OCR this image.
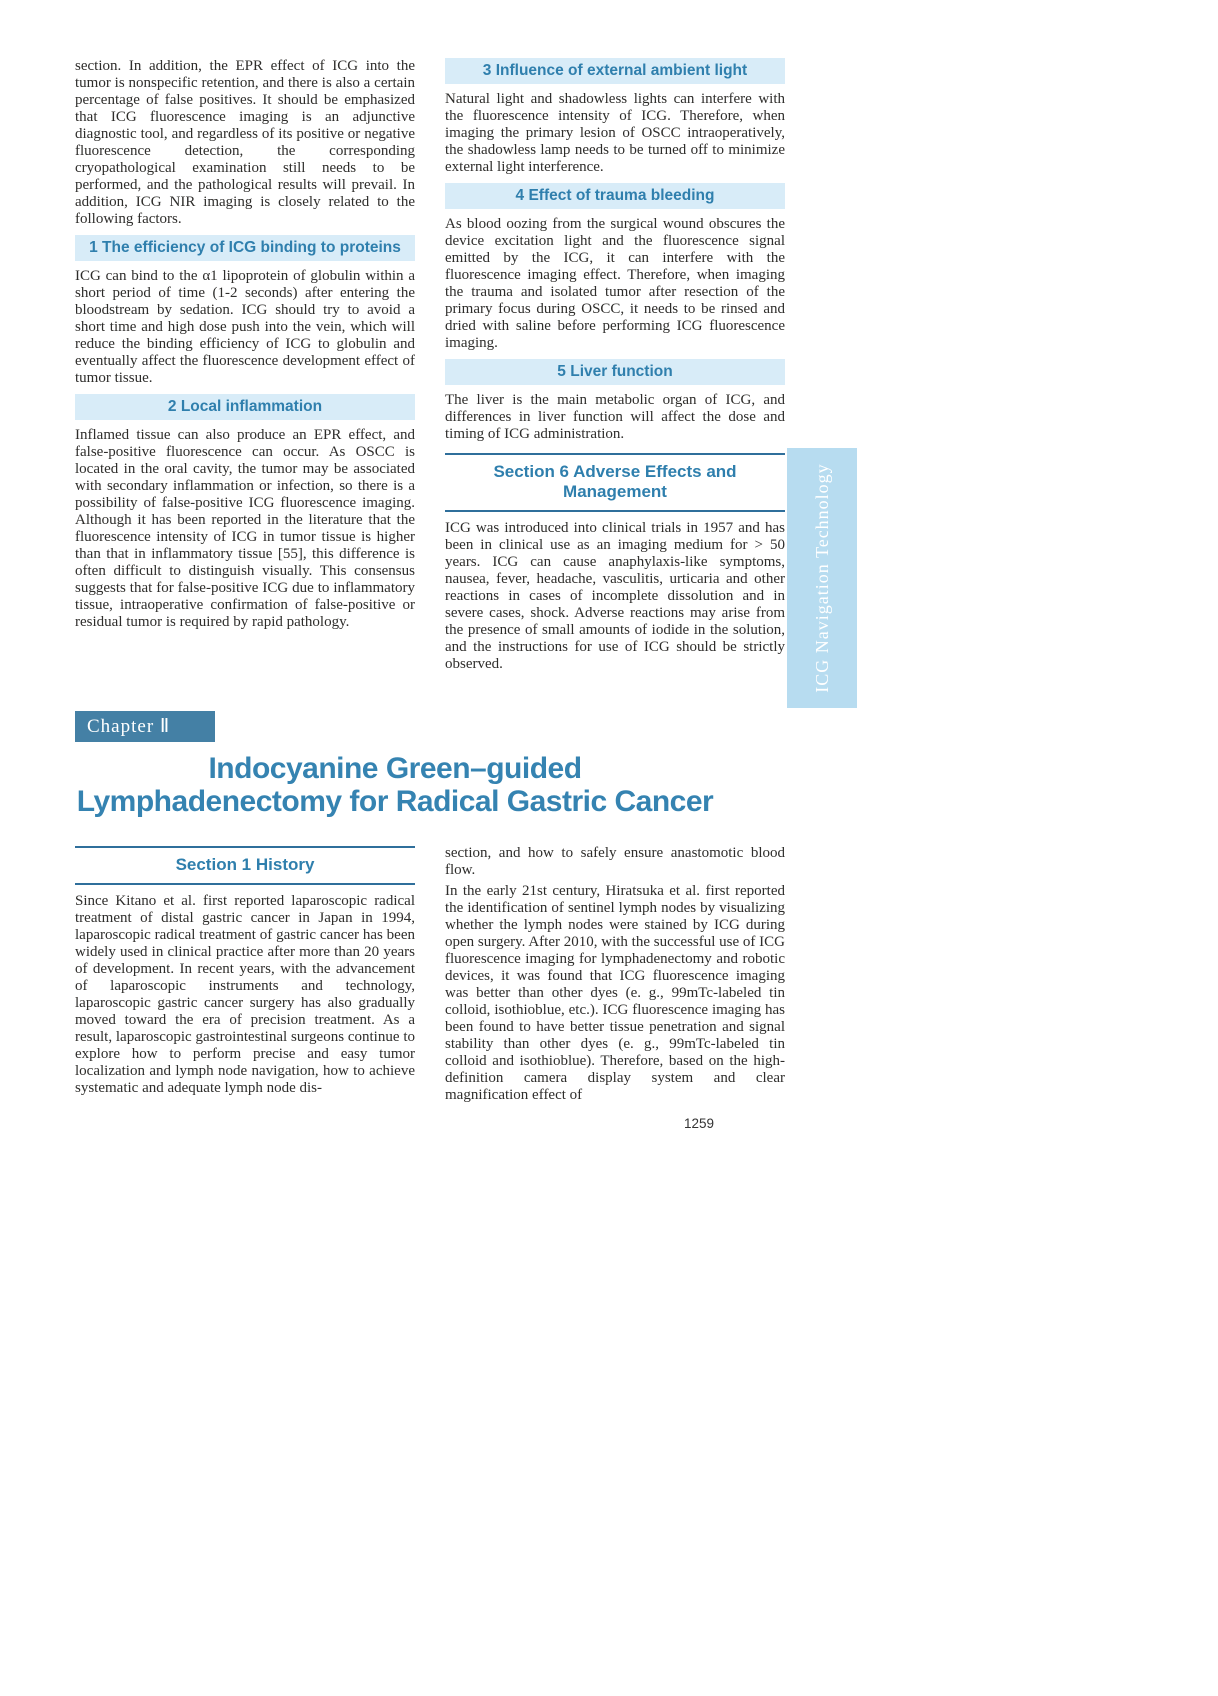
section. In addition, the EPR effect of ICG into the tumor is nonspecific retention, and there is also a certain percentage of false positives. It should be emphasized that ICG fluorescence imaging is an adjunctive diagnostic tool, and regardless of its positive or negative fluorescence detection, the corresponding cryopathological examination still needs to be performed, and the pathological results will prevail. In addition, ICG NIR imaging is closely related to the following factors.

1 The efficiency of ICG binding to proteins

ICG can bind to the α1 lipoprotein of globulin within a short period of time (1-2 seconds) after entering the bloodstream by sedation. ICG should try to avoid a short time and high dose push into the vein, which will reduce the binding efficiency of ICG to globulin and eventually affect the fluorescence development effect of tumor tissue.

2 Local inflammation

Inflamed tissue can also produce an EPR effect, and false-positive fluorescence can occur. As OSCC is located in the oral cavity, the tumor may be associated with secondary inflammation or infection, so there is a possibility of false-positive ICG fluorescence imaging. Although it has been reported in the literature that the fluorescence intensity of ICG in tumor tissue is higher than that in inflammatory tissue [55], this difference is often difficult to distinguish visually. This consensus suggests that for false-positive ICG due to inflammatory tissue, intraoperative confirmation of false-positive or residual tumor is required by rapid pathology.

3 Influence of external ambient light

Natural light and shadowless lights can interfere with the fluorescence intensity of ICG. Therefore, when imaging the primary lesion of OSCC intraoperatively, the shadowless lamp needs to be turned off to minimize external light interference.

4 Effect of trauma bleeding

As blood oozing from the surgical wound obscures the device excitation light and the fluorescence signal emitted by the ICG, it can interfere with the fluorescence imaging effect. Therefore, when imaging the trauma and isolated tumor after resection of the primary focus during OSCC, it needs to be rinsed and dried with saline before performing ICG fluorescence imaging.

5 Liver function

The liver is the main metabolic organ of ICG, and differences in liver function will affect the dose and timing of ICG administration.

Section 6 Adverse Effects and Management

ICG was introduced into clinical trials in 1957 and has been in clinical use as an imaging medium for > 50 years. ICG can cause anaphylaxis-like symptoms, nausea, fever, headache, vasculitis, urticaria and other reactions in cases of incomplete dissolution and in severe cases, shock. Adverse reactions may arise from the presence of small amounts of iodide in the solution, and the instructions for use of ICG should be strictly observed.	ICG Navigation Technology
Chapter Ⅱ
Indocyanine Green–guided
Lymphadenectomy for Radical Gastric Cancer
Section 1 History

Since Kitano et al. first reported laparoscopic radical treatment of distal gastric cancer in Japan in 1994, laparoscopic radical treatment of gastric cancer has been widely used in clinical practice after more than 20 years of development. In recent years, with the advancement of laparoscopic instruments and technology, laparoscopic gastric cancer surgery has also gradually moved toward the era of precision treatment. As a result, laparoscopic gastrointestinal surgeons continue to explore how to perform precise and easy tumor localization and lymph node navigation, how to achieve systematic and adequate lymph node dis-

section, and how to safely ensure anastomotic blood flow.

In the early 21st century, Hiratsuka et al. first reported the identification of sentinel lymph nodes by visualizing whether the lymph nodes were stained by ICG during open surgery. After 2010, with the successful use of ICG fluorescence imaging for lymphadenectomy and robotic devices, it was found that ICG fluorescence imaging was better than other dyes (e. g., 99mTc-labeled tin colloid, isothioblue, etc.). ICG fluorescence imaging has been found to have better tissue penetration and signal stability than other dyes (e. g., 99mTc-labeled tin colloid and isothioblue). Therefore, based on the high-definition camera display system and clear magnification effect of

1259
